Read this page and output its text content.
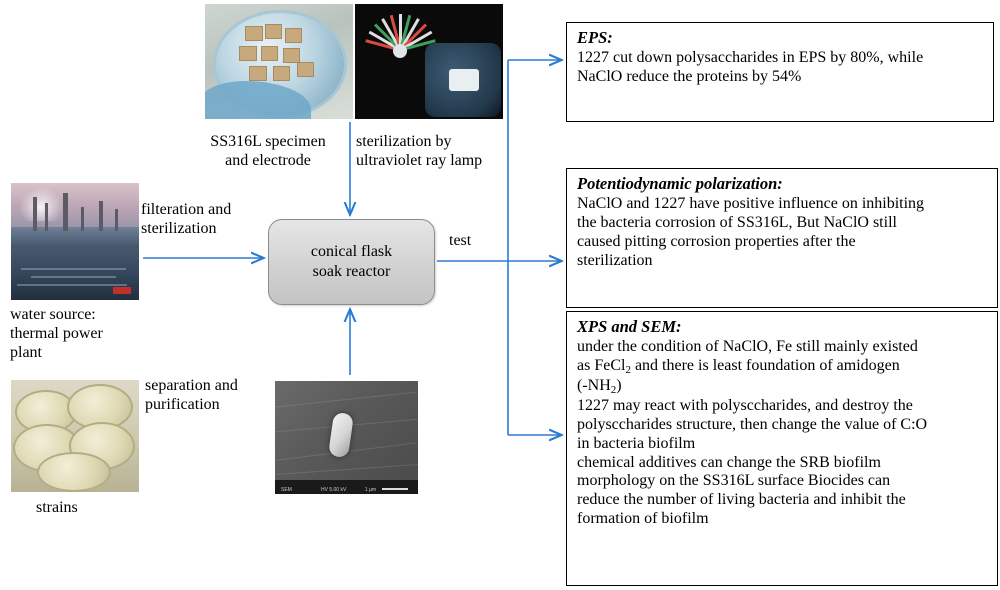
SEM	HV 5.00 kV	1 µm
conical flask
soak reactor
SS316L specimen
and electrode
sterilization by
ultraviolet ray lamp
filteration and
sterilization
test
water source:
thermal power
plant
separation and
purification
strains
EPS:
1227 cut down polysaccharides in EPS by 80%, while
NaClO reduce the proteins by 54%
Potentiodynamic polarization:
NaClO and 1227 have positive influence on inhibiting
the bacteria corrosion of SS316L, But NaClO still
caused pitting corrosion properties after the
sterilization
XPS and SEM:
under the condition of NaClO, Fe still mainly existed
as FeCl$_2$ and there is least foundation of amidogen
$(-NH_2)$
1227 may react with polysccharides, and destroy the
polysccharides structure, then change the value of C:O
in bacteria biofilm
chemical additives can change the SRB biofilm
morphology on the SS316L surface Biocides can
reduce the number of living bacteria and inhibit the
formation of biofilm
